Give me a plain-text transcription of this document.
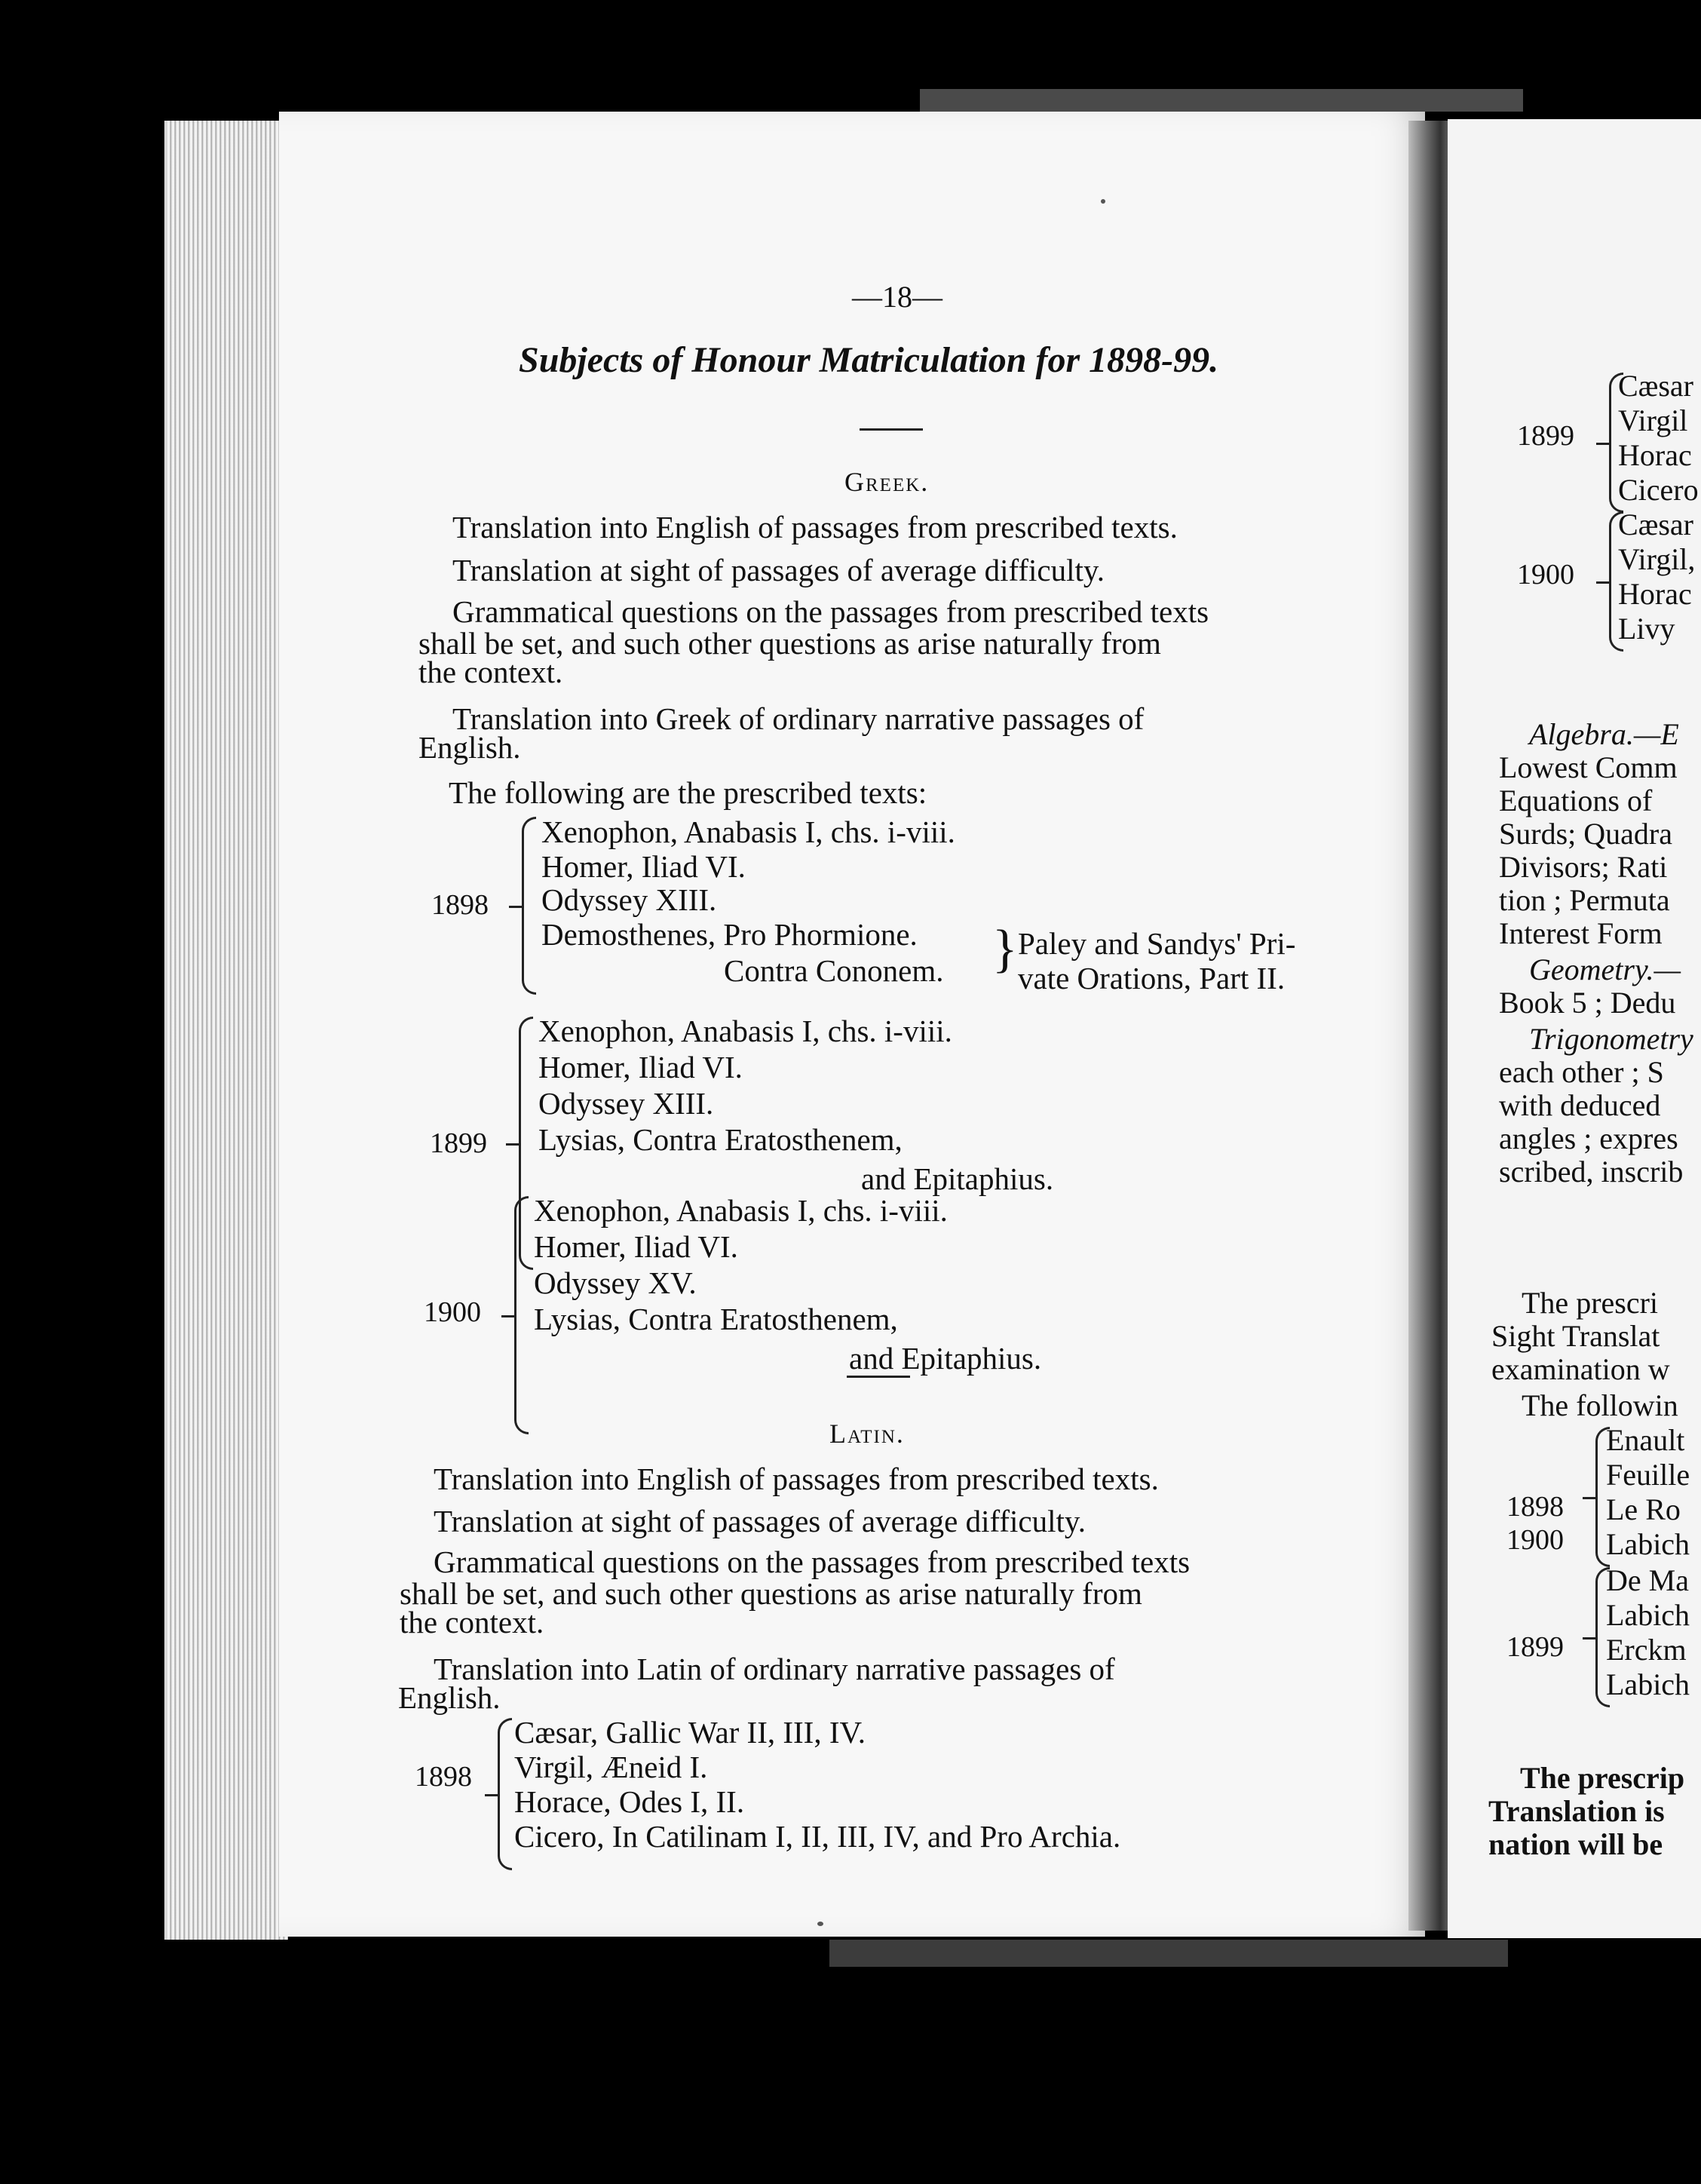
—18—
Subjects of Honour Matriculation for 1898-99.
Greek.
Translation into English of passages from prescribed texts.
Translation at sight of passages of average difficulty.
Grammatical questions on the passages from prescribed texts
shall be set, and such other questions as arise naturally from
the context.
Translation into Greek of ordinary narrative passages of
English.
The following are the prescribed texts:
1898
Xenophon, Anabasis I, chs. i-viii.
Homer, Iliad VI.
Odyssey XIII.
Demosthenes, Pro Phormione.
Contra Cononem. } Paley and Sandys' Pri-
vate Orations, Part II.
1899
Xenophon, Anabasis I, chs. i-viii.
Homer, Iliad VI.
Odyssey XIII.
Lysias, Contra Eratosthenem,
and Epitaphius.
1900
Xenophon, Anabasis I, chs. i-viii.
Homer, Iliad VI.
Odyssey XV.
Lysias, Contra Eratosthenem,
and Epitaphius.
Latin.
Translation into English of passages from prescribed texts.
Translation at sight of passages of average difficulty.
Grammatical questions on the passages from prescribed texts
shall be set, and such other questions as arise naturally from
the context.
Translation into Latin of ordinary narrative passages of
English.
1898
Cæsar, Gallic War II, III, IV.
Virgil, Æneid I.
Horace, Odes I, II.
Cicero, In Catilinam I, II, III, IV, and Pro Archia.
1899
Cæsar
Virgil
Horac
Cicero
1900
Cæsar
Virgil,
Horac
Livy
Algebra.—E
Lowest Comm
Equations of
Surds; Quadra
Divisors; Rati
tion ; Permuta
Interest Form
Geometry.—
Book 5 ; Dedu
Trigonometry
each other ; S
with deduced
angles ; expres
scribed, inscrib
The prescri
Sight Translat
examination w
The followin
1898
1900
Enault
Feuille
Le Ro
Labich
1899
De Ma
Labich
Erckm
Labich
The prescrip
Translation is
nation will be
